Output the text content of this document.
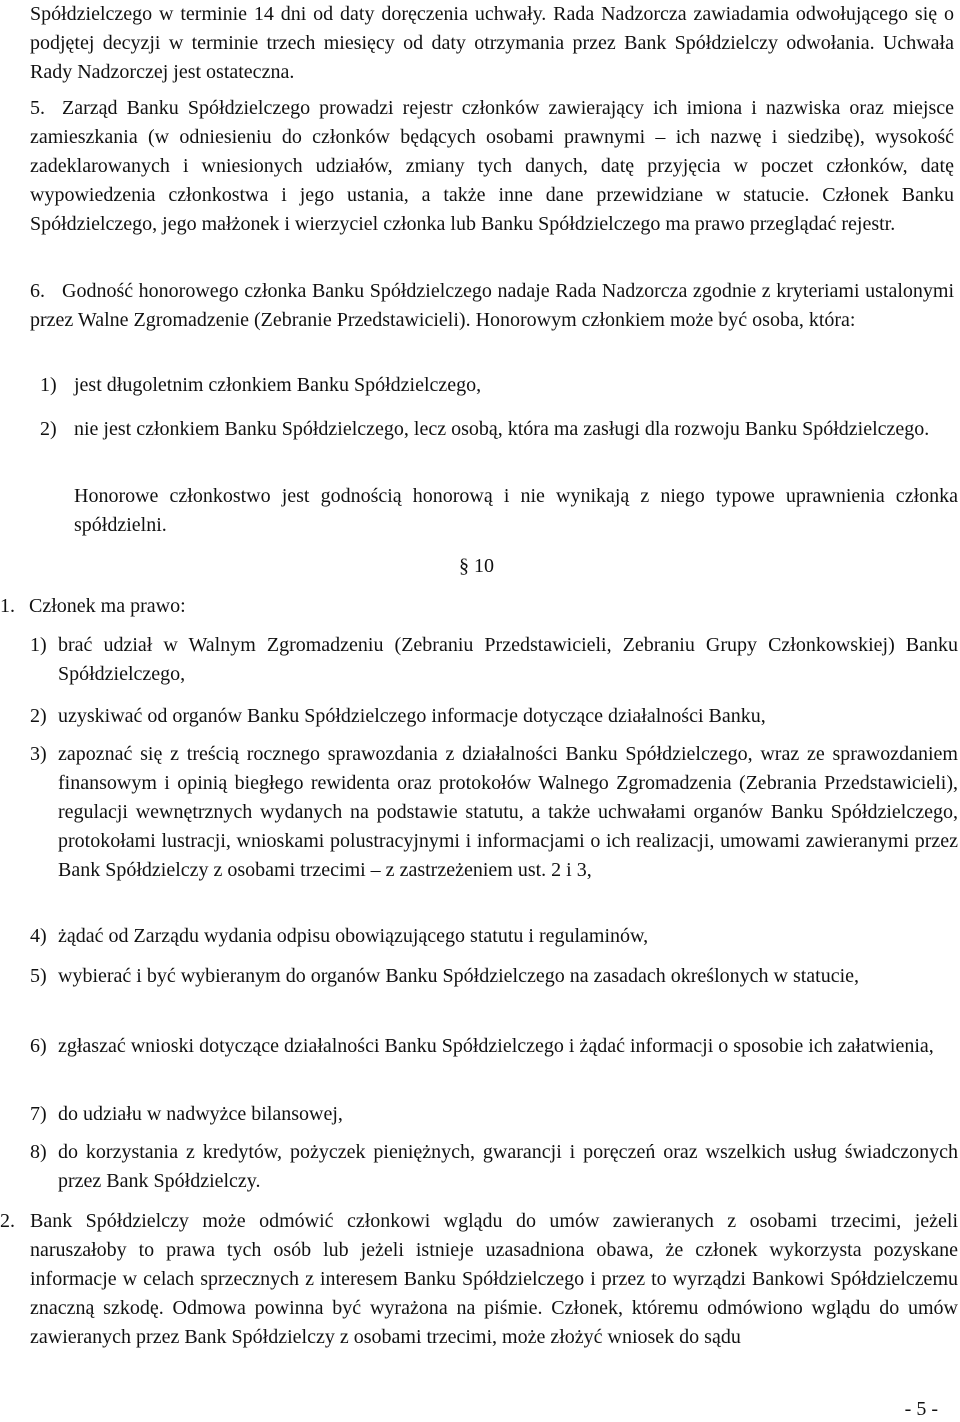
Spółdzielczego w terminie 14 dni od daty doręczenia uchwały. Rada Nadzorcza zawiadamia odwołującego się o podjętej decyzji w terminie trzech miesięcy od daty otrzymania przez Bank Spółdzielczy odwołania. Uchwała Rady Nadzorczej jest ostateczna.

5. Zarząd Banku Spółdzielczego prowadzi rejestr członków zawierający ich imiona i nazwiska oraz miejsce zamieszkania (w odniesieniu do członków będących osobami prawnymi – ich nazwę i siedzibę), wysokość zadeklarowanych i wniesionych udziałów, zmiany tych danych, datę przyjęcia w poczet członków, datę wypowiedzenia członkostwa i jego ustania, a także inne dane przewidziane w statucie. Członek Banku Spółdzielczego, jego małżonek i wierzyciel członka lub Banku Spółdzielczego ma prawo przeglądać rejestr.

6. Godność honorowego członka Banku Spółdzielczego nadaje Rada Nadzorcza zgodnie z kryteriami ustalonymi przez Walne Zgromadzenie (Zebranie Przedstawicieli). Honorowym członkiem może być osoba, która:

1) jest długoletnim członkiem Banku Spółdzielczego,

2) nie jest członkiem Banku Spółdzielczego, lecz osobą, która ma zasługi dla rozwoju Banku Spółdzielczego.

Honorowe członkostwo jest godnością honorową i nie wynikają z niego typowe uprawnienia członka spółdzielni.

§ 10
1. Członek ma prawo:
1) brać udział w Walnym Zgromadzeniu (Zebraniu Przedstawicieli, Zebraniu Grupy Członkowskiej) Banku Spółdzielczego,

2) uzyskiwać od organów Banku Spółdzielczego informacje dotyczące działalności Banku,

3) zapoznać się z treścią rocznego sprawozdania z działalności Banku Spółdzielczego, wraz ze sprawozdaniem finansowym i opinią biegłego rewidenta oraz protokołów Walnego Zgromadzenia (Zebrania Przedstawicieli), regulacji wewnętrznych wydanych na podstawie statutu, a także uchwałami organów Banku Spółdzielczego, protokołami lustracji, wnioskami polustracyjnymi i informacjami o ich realizacji, umowami zawieranymi przez Bank Spółdzielczy z osobami trzecimi – z zastrzeżeniem ust. 2 i 3,

4) żądać od Zarządu wydania odpisu obowiązującego statutu i regulaminów,

5) wybierać i być wybieranym do organów Banku Spółdzielczego na zasadach określonych w statucie,

6) zgłaszać wnioski dotyczące działalności Banku Spółdzielczego i żądać informacji o sposobie ich załatwienia,

7) do udziału w nadwyżce bilansowej,

8) do korzystania z kredytów, pożyczek pieniężnych, gwarancji i poręczeń oraz wszelkich usług świadczonych przez Bank Spółdzielczy.

2. Bank Spółdzielczy może odmówić członkowi wglądu do umów zawieranych z osobami trzecimi, jeżeli naruszałoby to prawa tych osób lub jeżeli istnieje uzasadniona obawa, że członek wykorzysta pozyskane informacje w celach sprzecznych z interesem Banku Spółdzielczego i przez to wyrządzi Bankowi Spółdzielczemu znaczną szkodę. Odmowa powinna być wyrażona na piśmie. Członek, któremu odmówiono wglądu do umów zawieranych przez Bank Spółdzielczy z osobami trzecimi, może złożyć wniosek do sądu

- 5 -
